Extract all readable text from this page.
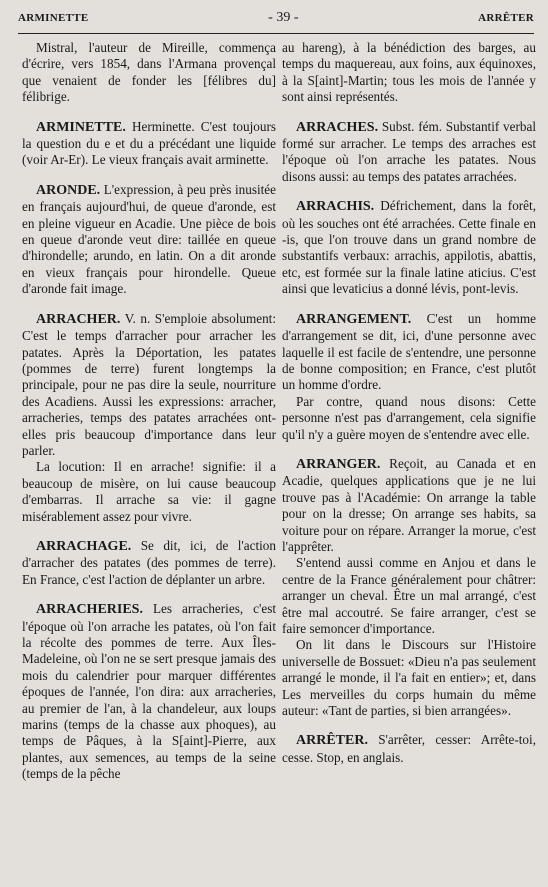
ARMINETTE	- 39 -	ARRÊTER

Mistral, l'auteur de Mireille, commença d'écrire, vers 1854, dans l'Armana provençal que venaient de fonder les [félibres du] félibrige.

ARMINETTE. Herminette. C'est toujours la question du e et du a précédant une liquide (voir Ar-Er). Le vieux français avait arminette.

ARONDE. L'expression, à peu près inusitée en français aujourd'hui, de queue d'aronde, est en pleine vigueur en Acadie. Une pièce de bois en queue d'aronde veut dire: taillée en queue d'hirondelle; arundo, en latin. On a dit aronde en vieux français pour hirondelle. Queue d'aronde fait image.

ARRACHER. V. n. S'emploie absolument: C'est le temps d'arracher pour arracher les patates. Après la Déportation, les patates (pommes de terre) furent longtemps la principale, pour ne pas dire la seule, nourriture des Acadiens. Aussi les expressions: arracher, arracheries, temps des patates arrachées ont-elles pris beaucoup d'importance dans leur parler.

La locution: Il en arrache! signifie: il a beaucoup de misère, on lui cause beaucoup d'embarras. Il arrache sa vie: il gagne misérablement assez pour vivre.

ARRACHAGE. Se dit, ici, de l'action d'arracher des patates (des pommes de terre). En France, c'est l'action de déplanter un arbre.

ARRACHERIES. Les arracheries, c'est l'époque où l'on arrache les patates, où l'on fait la récolte des pommes de terre. Aux Îles-Madeleine, où l'on ne se sert presque jamais des mois du calendrier pour marquer différentes époques de l'année, l'on dira: aux arracheries, au premier de l'an, à la chandeleur, aux loups marins (temps de la chasse aux phoques), au temps de Pâques, à la S[aint]-Pierre, aux plantes, aux semences, au temps de la seine (temps de la pêche

au hareng), à la bénédiction des barges, au temps du maquereau, aux foins, aux équinoxes, à la S[aint]-Martin; tous les mois de l'année y sont ainsi représentés.

ARRACHES. Subst. fém. Substantif verbal formé sur arracher. Le temps des arraches est l'époque où l'on arrache les patates. Nous disons aussi: au temps des patates arrachées.

ARRACHIS. Défrichement, dans la forêt, où les souches ont été arrachées. Cette finale en -is, que l'on trouve dans un grand nombre de substantifs verbaux: arrachis, appilotis, abattis, etc, est formée sur la finale latine aticius. C'est ainsi que levaticius a donné lévis, pont-levis.

ARRANGEMENT. C'est un homme d'arrangement se dit, ici, d'une personne avec laquelle il est facile de s'entendre, une personne de bonne composition; en France, c'est plutôt un homme d'ordre.

Par contre, quand nous disons: Cette personne n'est pas d'arrangement, cela signifie qu'il n'y a guère moyen de s'entendre avec elle.

ARRANGER. Reçoit, au Canada et en Acadie, quelques applications que je ne lui trouve pas à l'Académie: On arrange la table pour on la dresse; On arrange ses habits, sa voiture pour on répare. Arranger la morue, c'est l'apprêter.

S'entend aussi comme en Anjou et dans le centre de la France généralement pour châtrer: arranger un cheval. Être un mal arrangé, c'est être mal accoutré. Se faire arranger, c'est se faire semoncer d'importance.

On lit dans le Discours sur l'Histoire universelle de Bossuet: «Dieu n'a pas seulement arrangé le monde, il l'a fait en entier»; et, dans Les merveilles du corps humain du même auteur: «Tant de parties, si bien arrangées».

ARRÊTER. S'arrêter, cesser: Arrête-toi, cesse. Stop, en anglais.
